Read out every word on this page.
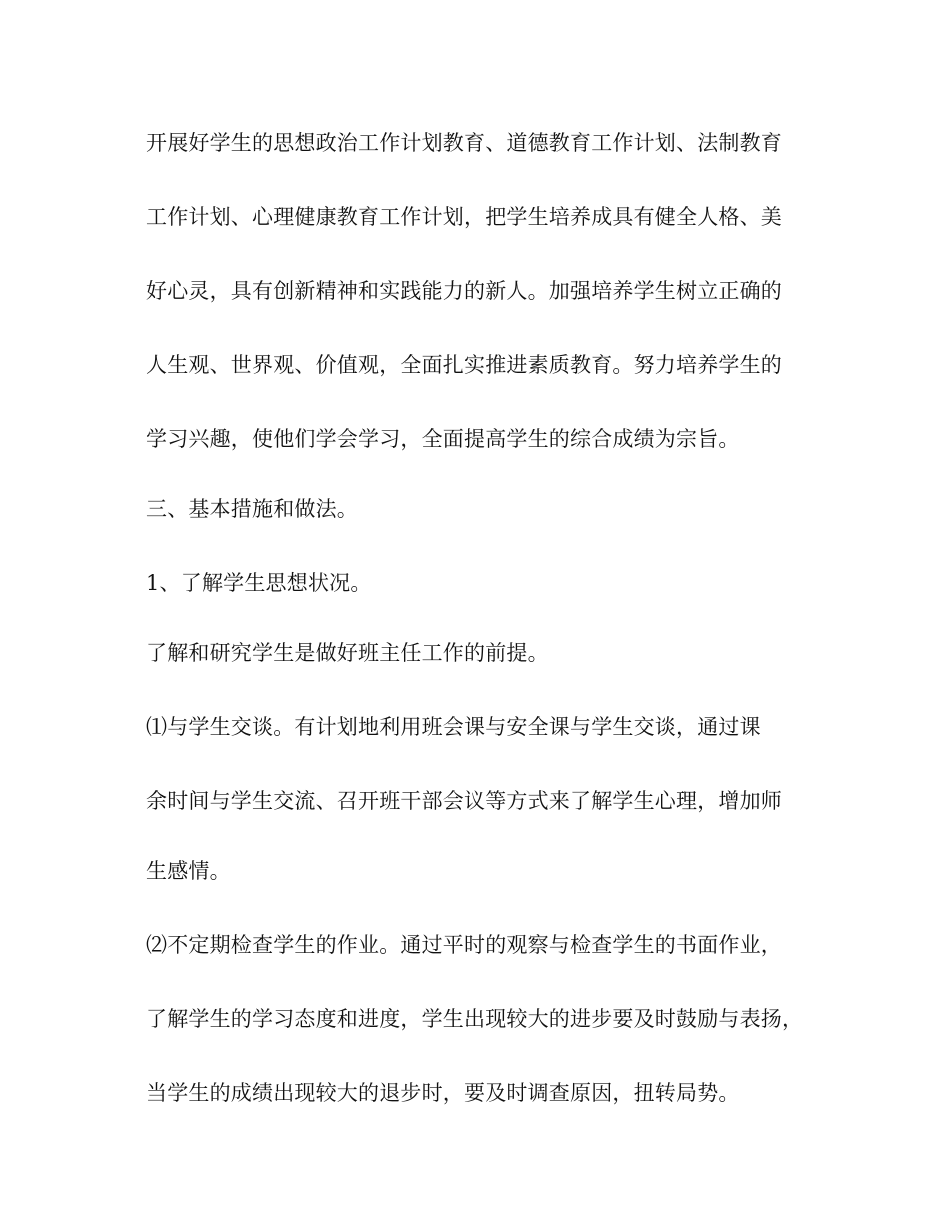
开展好学生的思想政治工作计划教育、道德教育工作计划、法制教育
工作计划、心理健康教育工作计划，把学生培养成具有健全人格、美
好心灵，具有创新精神和实践能力的新人。加强培养学生树立正确的
人生观、世界观、价值观，全面扎实推进素质教育。努力培养学生的
学习兴趣，使他们学会学习，全面提高学生的综合成绩为宗旨。
三、基本措施和做法。
1、了解学生思想状况。
了解和研究学生是做好班主任工作的前提。
⑴与学生交谈。有计划地利用班会课与安全课与学生交谈，通过课
余时间与学生交流、召开班干部会议等方式来了解学生心理，增加师
生感情。
⑵不定期检查学生的作业。通过平时的观察与检查学生的书面作业，
了解学生的学习态度和进度，学生出现较大的进步要及时鼓励与表扬，
当学生的成绩出现较大的退步时，要及时调查原因，扭转局势。
